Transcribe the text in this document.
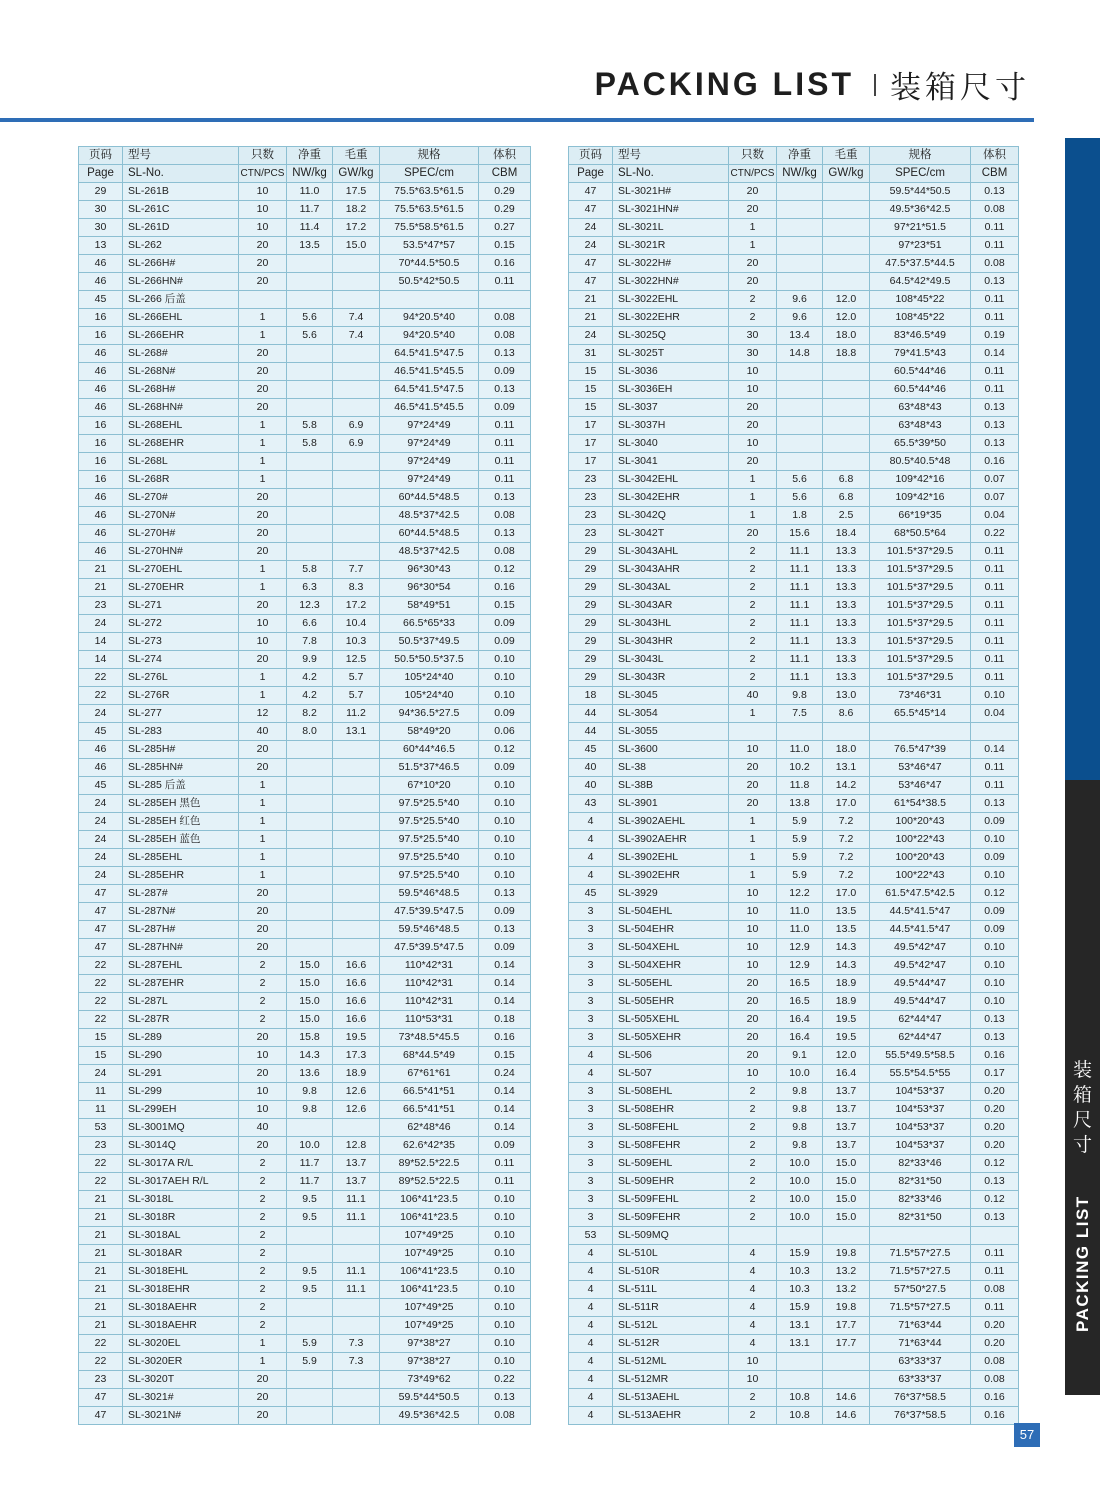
PACKING LIST 装箱尺寸
页码	型号	只数	净重	毛重	规格	体积
Page	SL-No.	CTN/PCS	NW/kg	GW/kg	SPEC/cm	CBM
29	SL-261B	10	11.0	17.5	75.5*63.5*61.5	0.29
30	SL-261C	10	11.7	18.2	75.5*63.5*61.5	0.29
30	SL-261D	10	11.4	17.2	75.5*58.5*61.5	0.27
13	SL-262	20	13.5	15.0	53.5*47*57	0.15
46	SL-266H#	20			70*44.5*50.5	0.16
46	SL-266HN#	20			50.5*42*50.5	0.11
45	SL-266 后盖					
16	SL-266EHL	1	5.6	7.4	94*20.5*40	0.08
16	SL-266EHR	1	5.6	7.4	94*20.5*40	0.08
46	SL-268#	20			64.5*41.5*47.5	0.13
46	SL-268N#	20			46.5*41.5*45.5	0.09
46	SL-268H#	20			64.5*41.5*47.5	0.13
46	SL-268HN#	20			46.5*41.5*45.5	0.09
16	SL-268EHL	1	5.8	6.9	97*24*49	0.11
16	SL-268EHR	1	5.8	6.9	97*24*49	0.11
16	SL-268L	1			97*24*49	0.11
16	SL-268R	1			97*24*49	0.11
46	SL-270#	20			60*44.5*48.5	0.13
46	SL-270N#	20			48.5*37*42.5	0.08
46	SL-270H#	20			60*44.5*48.5	0.13
46	SL-270HN#	20			48.5*37*42.5	0.08
21	SL-270EHL	1	5.8	7.7	96*30*43	0.12
21	SL-270EHR	1	6.3	8.3	96*30*54	0.16
23	SL-271	20	12.3	17.2	58*49*51	0.15
24	SL-272	10	6.6	10.4	66.5*65*33	0.09
14	SL-273	10	7.8	10.3	50.5*37*49.5	0.09
14	SL-274	20	9.9	12.5	50.5*50.5*37.5	0.10
22	SL-276L	1	4.2	5.7	105*24*40	0.10
22	SL-276R	1	4.2	5.7	105*24*40	0.10
24	SL-277	12	8.2	11.2	94*36.5*27.5	0.09
45	SL-283	40	8.0	13.1	58*49*20	0.06
46	SL-285H#	20			60*44*46.5	0.12
46	SL-285HN#	20			51.5*37*46.5	0.09
45	SL-285 后盖	1			67*10*20	0.10
24	SL-285EH 黑色	1			97.5*25.5*40	0.10
24	SL-285EH 红色	1			97.5*25.5*40	0.10
24	SL-285EH 蓝色	1			97.5*25.5*40	0.10
24	SL-285EHL	1			97.5*25.5*40	0.10
24	SL-285EHR	1			97.5*25.5*40	0.10
47	SL-287#	20			59.5*46*48.5	0.13
47	SL-287N#	20			47.5*39.5*47.5	0.09
47	SL-287H#	20			59.5*46*48.5	0.13
47	SL-287HN#	20			47.5*39.5*47.5	0.09
22	SL-287EHL	2	15.0	16.6	110*42*31	0.14
22	SL-287EHR	2	15.0	16.6	110*42*31	0.14
22	SL-287L	2	15.0	16.6	110*42*31	0.14
22	SL-287R	2	15.0	16.6	110*53*31	0.18
15	SL-289	20	15.8	19.5	73*48.5*45.5	0.16
15	SL-290	10	14.3	17.3	68*44.5*49	0.15
24	SL-291	20	13.6	18.9	67*61*61	0.24
11	SL-299	10	9.8	12.6	66.5*41*51	0.14
11	SL-299EH	10	9.8	12.6	66.5*41*51	0.14
53	SL-3001MQ	40			62*48*46	0.14
23	SL-3014Q	20	10.0	12.8	62.6*42*35	0.09
22	SL-3017A R/L	2	11.7	13.7	89*52.5*22.5	0.11
22	SL-3017AEH R/L	2	11.7	13.7	89*52.5*22.5	0.11
21	SL-3018L	2	9.5	11.1	106*41*23.5	0.10
21	SL-3018R	2	9.5	11.1	106*41*23.5	0.10
21	SL-3018AL	2			107*49*25	0.10
21	SL-3018AR	2			107*49*25	0.10
21	SL-3018EHL	2	9.5	11.1	106*41*23.5	0.10
21	SL-3018EHR	2	9.5	11.1	106*41*23.5	0.10
21	SL-3018AEHR	2			107*49*25	0.10
21	SL-3018AEHR	2			107*49*25	0.10
22	SL-3020EL	1	5.9	7.3	97*38*27	0.10
22	SL-3020ER	1	5.9	7.3	97*38*27	0.10
23	SL-3020T	20			73*49*62	0.22
47	SL-3021#	20			59.5*44*50.5	0.13
47	SL-3021N#	20			49.5*36*42.5	0.08
页码	型号	只数	净重	毛重	规格	体积
Page	SL-No.	CTN/PCS	NW/kg	GW/kg	SPEC/cm	CBM
47	SL-3021H#	20			59.5*44*50.5	0.13
47	SL-3021HN#	20			49.5*36*42.5	0.08
24	SL-3021L	1			97*21*51.5	0.11
24	SL-3021R	1			97*23*51	0.11
47	SL-3022H#	20			47.5*37.5*44.5	0.08
47	SL-3022HN#	20			64.5*42*49.5	0.13
21	SL-3022EHL	2	9.6	12.0	108*45*22	0.11
21	SL-3022EHR	2	9.6	12.0	108*45*22	0.11
24	SL-3025Q	30	13.4	18.0	83*46.5*49	0.19
31	SL-3025T	30	14.8	18.8	79*41.5*43	0.14
15	SL-3036	10			60.5*44*46	0.11
15	SL-3036EH	10			60.5*44*46	0.11
15	SL-3037	20			63*48*43	0.13
17	SL-3037H	20			63*48*43	0.13
17	SL-3040	10			65.5*39*50	0.13
17	SL-3041	20			80.5*40.5*48	0.16
23	SL-3042EHL	1	5.6	6.8	109*42*16	0.07
23	SL-3042EHR	1	5.6	6.8	109*42*16	0.07
23	SL-3042Q	1	1.8	2.5	66*19*35	0.04
23	SL-3042T	20	15.6	18.4	68*50.5*64	0.22
29	SL-3043AHL	2	11.1	13.3	101.5*37*29.5	0.11
29	SL-3043AHR	2	11.1	13.3	101.5*37*29.5	0.11
29	SL-3043AL	2	11.1	13.3	101.5*37*29.5	0.11
29	SL-3043AR	2	11.1	13.3	101.5*37*29.5	0.11
29	SL-3043HL	2	11.1	13.3	101.5*37*29.5	0.11
29	SL-3043HR	2	11.1	13.3	101.5*37*29.5	0.11
29	SL-3043L	2	11.1	13.3	101.5*37*29.5	0.11
29	SL-3043R	2	11.1	13.3	101.5*37*29.5	0.11
18	SL-3045	40	9.8	13.0	73*46*31	0.10
44	SL-3054	1	7.5	8.6	65.5*45*14	0.04
44	SL-3055					
45	SL-3600	10	11.0	18.0	76.5*47*39	0.14
40	SL-38	20	10.2	13.1	53*46*47	0.11
40	SL-38B	20	11.8	14.2	53*46*47	0.11
43	SL-3901	20	13.8	17.0	61*54*38.5	0.13
4	SL-3902AEHL	1	5.9	7.2	100*20*43	0.09
4	SL-3902AEHR	1	5.9	7.2	100*22*43	0.10
4	SL-3902EHL	1	5.9	7.2	100*20*43	0.09
4	SL-3902EHR	1	5.9	7.2	100*22*43	0.10
45	SL-3929	10	12.2	17.0	61.5*47.5*42.5	0.12
3	SL-504EHL	10	11.0	13.5	44.5*41.5*47	0.09
3	SL-504EHR	10	11.0	13.5	44.5*41.5*47	0.09
3	SL-504XEHL	10	12.9	14.3	49.5*42*47	0.10
3	SL-504XEHR	10	12.9	14.3	49.5*42*47	0.10
3	SL-505EHL	20	16.5	18.9	49.5*44*47	0.10
3	SL-505EHR	20	16.5	18.9	49.5*44*47	0.10
3	SL-505XEHL	20	16.4	19.5	62*44*47	0.13
3	SL-505XEHR	20	16.4	19.5	62*44*47	0.13
4	SL-506	20	9.1	12.0	55.5*49.5*58.5	0.16
4	SL-507	10	10.0	16.4	55.5*54.5*55	0.17
3	SL-508EHL	2	9.8	13.7	104*53*37	0.20
3	SL-508EHR	2	9.8	13.7	104*53*37	0.20
3	SL-508FEHL	2	9.8	13.7	104*53*37	0.20
3	SL-508FEHR	2	9.8	13.7	104*53*37	0.20
3	SL-509EHL	2	10.0	15.0	82*33*46	0.12
3	SL-509EHR	2	10.0	15.0	82*31*50	0.13
3	SL-509FEHL	2	10.0	15.0	82*33*46	0.12
3	SL-509FEHR	2	10.0	15.0	82*31*50	0.13
53	SL-509MQ					
4	SL-510L	4	15.9	19.8	71.5*57*27.5	0.11
4	SL-510R	4	10.3	13.2	71.5*57*27.5	0.11
4	SL-511L	4	10.3	13.2	57*50*27.5	0.08
4	SL-511R	4	15.9	19.8	71.5*57*27.5	0.11
4	SL-512L	4	13.1	17.7	71*63*44	0.20
4	SL-512R	4	13.1	17.7	71*63*44	0.20
4	SL-512ML	10			63*33*37	0.08
4	SL-512MR	10			63*33*37	0.08
4	SL-513AEHL	2	10.8	14.6	76*37*58.5	0.16
4	SL-513AEHR	2	10.8	14.6	76*37*58.5	0.16
装
箱
尺
寸
PACKING LIST
57
